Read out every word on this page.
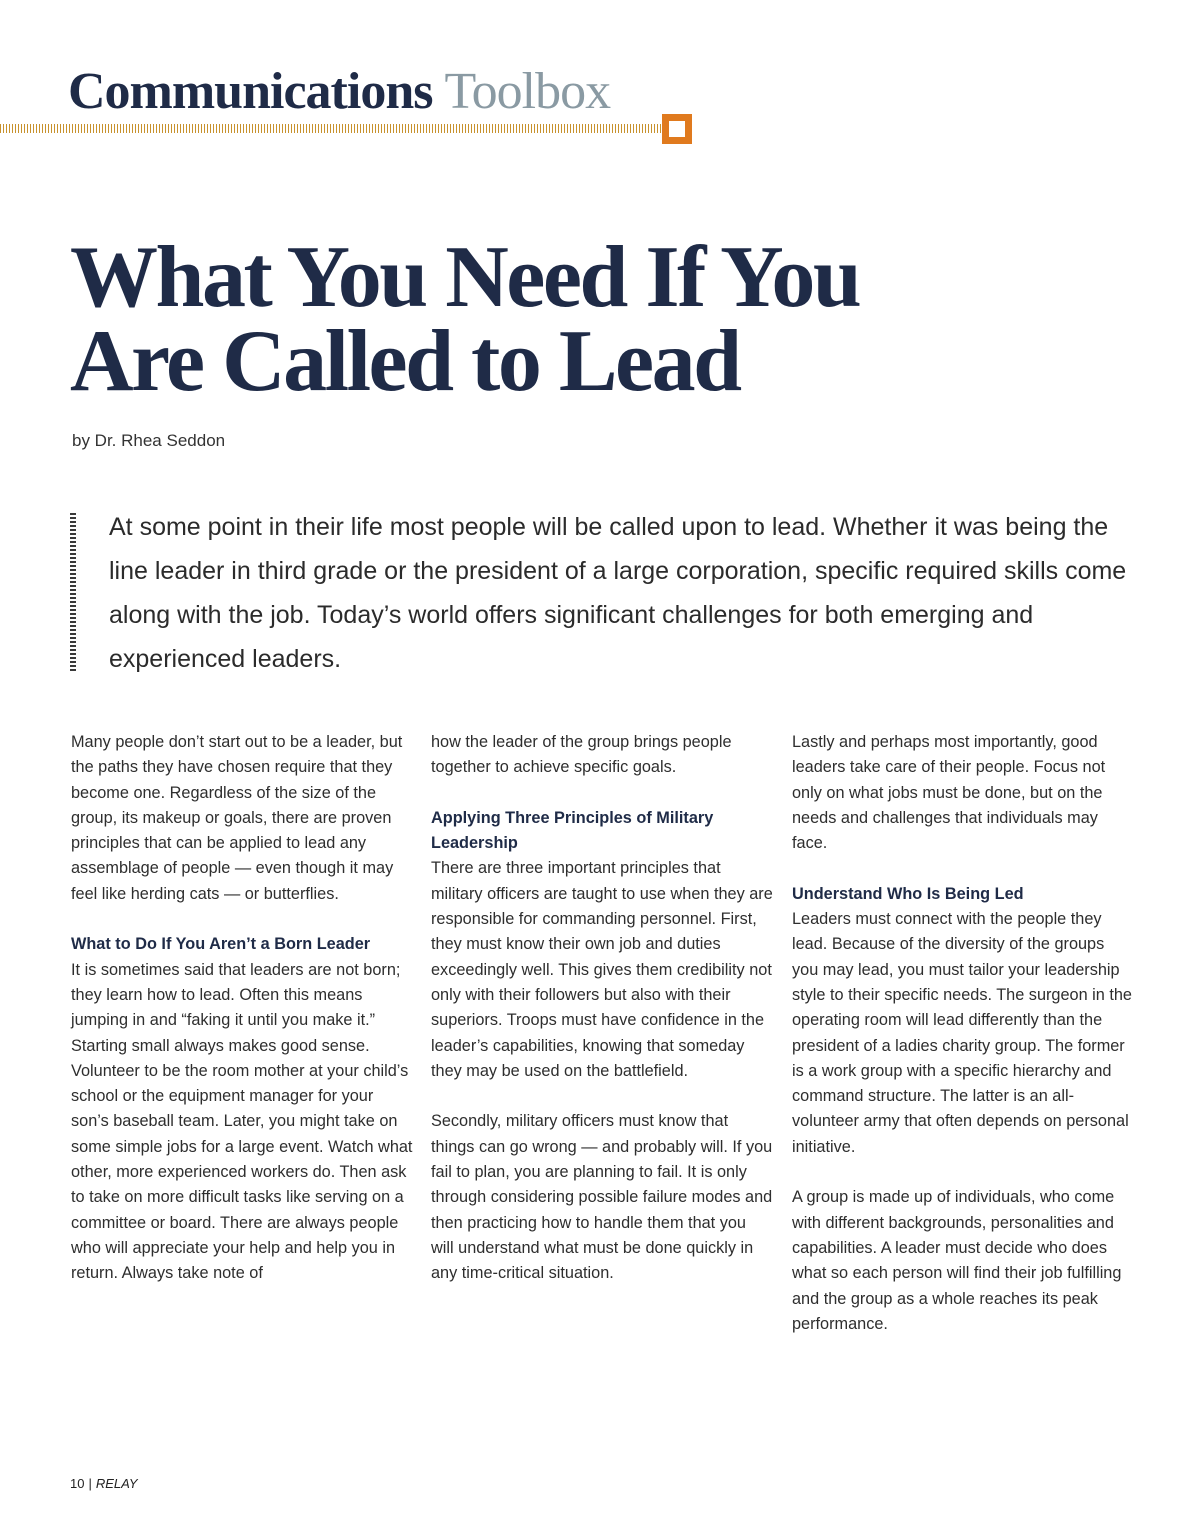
Communications Toolbox
What You Need If You
Are Called to Lead
by Dr. Rhea Seddon

At some point in their life most people will be called upon to lead. Whether it was being the line leader in third grade or the president of a large corporation, specific required skills come along with the job. Today’s world offers significant challenges for both emerging and experienced leaders.

Many people don’t start out to be a leader, but the paths they have chosen require that they become one. Regardless of the size of the group, its makeup or goals, there are proven principles that can be applied to lead any assemblage of people — even though it may feel like herding cats — or butterflies.

What to Do If You Aren’t a Born Leader

It is sometimes said that leaders are not born; they learn how to lead. Often this means jumping in and “faking it until you make it.” Starting small always makes good sense. Volunteer to be the room mother at your child’s school or the equipment manager for your son’s baseball team. Later, you might take on some simple jobs for a large event. Watch what other, more experienced workers do. Then ask to take on more difficult tasks like serving on a committee or board. There are always people who will appreciate your help and help you in return. Always take note of

how the leader of the group brings people together to achieve specific goals.

Applying Three Principles of Military Leadership

There are three important principles that military officers are taught to use when they are responsible for commanding personnel. First, they must know their own job and duties exceedingly well. This gives them credibility not only with their followers but also with their superiors. Troops must have confidence in the leader’s capabilities, knowing that someday they may be used on the battlefield.

Secondly, military officers must know that things can go wrong — and probably will. If you fail to plan, you are planning to fail. It is only through considering possible failure modes and then practicing how to handle them that you will understand what must be done quickly in any time-critical situation.

Lastly and perhaps most importantly, good leaders take care of their people. Focus not only on what jobs must be done, but on the needs and challenges that individuals may face.

Understand Who Is Being Led

Leaders must connect with the people they lead. Because of the diversity of the groups you may lead, you must tailor your leadership style to their specific needs. The surgeon in the operating room will lead differently than the president of a ladies charity group. The former is a work group with a specific hierarchy and command structure. The latter is an all-volunteer army that often depends on personal initiative.

A group is made up of individuals, who come with different backgrounds, personalities and capabilities. A leader must decide who does what so each person will find their job fulfilling and the group as a whole reaches its peak performance.

10 | RELAY
